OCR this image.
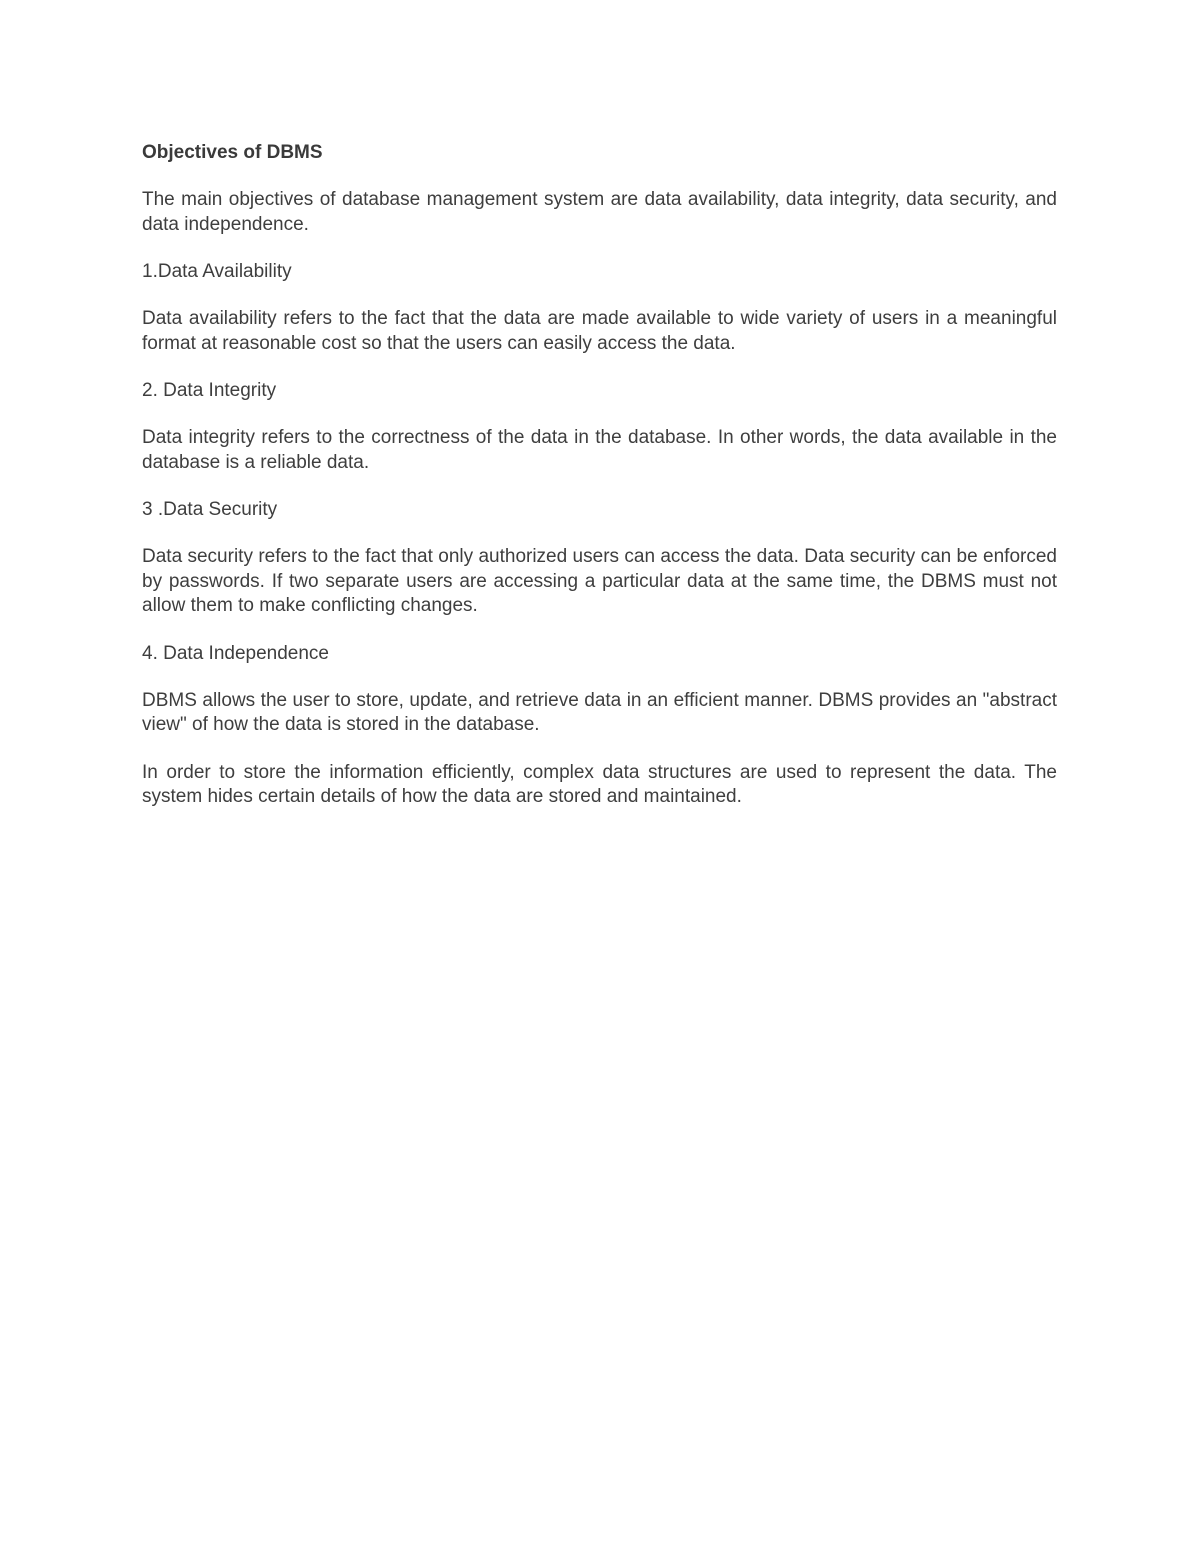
Objectives of DBMS

The main objectives of database management system are data availability, data integrity, data security, and data independence.

1.Data Availability

Data availability refers to the fact that the data are made available to wide variety of users in a meaningful format at reasonable cost so that the users can easily access the data.

2. Data Integrity

Data integrity refers to the correctness of the data in the database. In other words, the data available in the database is a reliable data.

3 .Data Security

Data security refers to the fact that only authorized users can access the data. Data security can be enforced by passwords. If two separate users are accessing a particular data at the same time, the DBMS must not allow them to make conflicting changes.

4. Data Independence

DBMS allows the user to store, update, and retrieve data in an efficient manner. DBMS provides an "abstract view" of how the data is stored in the database.

In order to store the information efficiently, complex data structures are used to represent the data. The system hides certain details of how the data are stored and maintained.
